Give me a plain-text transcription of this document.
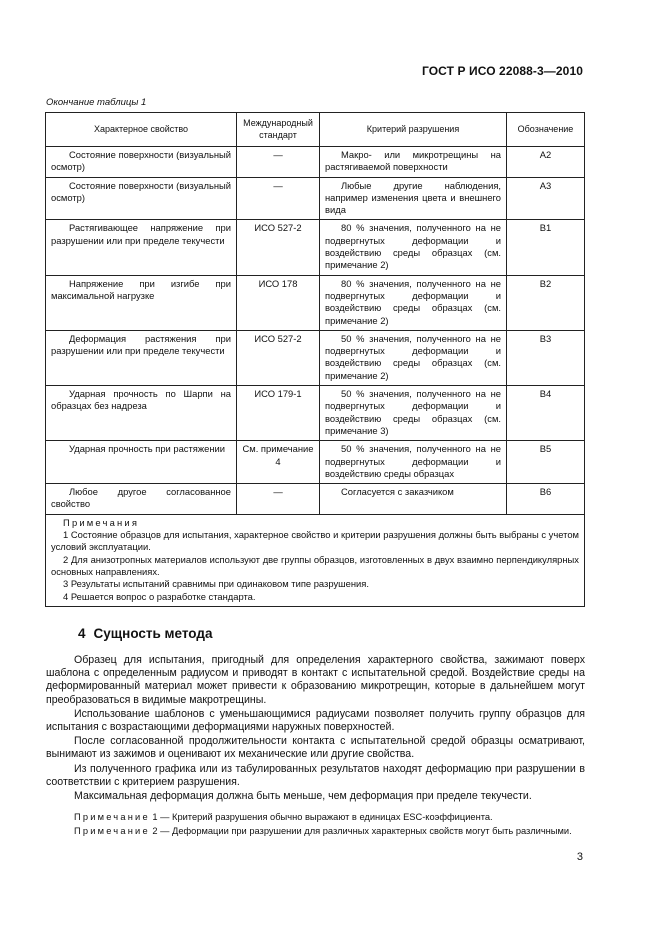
ГОСТ Р ИСО 22088-3—2010
Окончание таблицы 1
Характерное свойство	Международный стандарт	Критерий разрушения	Обозначение
Состояние поверхности (визуальный осмотр)	—	Макро- или микротрещины на растягиваемой поверхности	A2
Состояние поверхности (визуальный осмотр)	—	Любые другие наблюдения, например изменения цвета и внешнего вида	A3
Растягивающее напряжение при разрушении или при пределе текучести	ИСО 527-2	80 % значения, полученного на не подвергнутых деформации и воздействию среды образцах (см. примечание 2)	B1
Напряжение при изгибе при максимальной нагрузке	ИСО 178	80 % значения, полученного на не подвергнутых деформации и воздействию среды образцах (см. примечание 2)	B2
Деформация растяжения при разрушении или при пределе текучести	ИСО 527-2	50 % значения, полученного на не подвергнутых деформации и воздействию среды образцах (см. примечание 2)	B3
Ударная прочность по Шарпи на образцах без надреза	ИСО 179-1	50 % значения, полученного на не подвергнутых деформации и воздействию среды образцах (см. примечание 3)	B4
Ударная прочность при растяжении	См. примечание 4	50 % значения, полученного на не подвергнутых деформации и воздействию среды образцах	B5
Любое другое согласованное свойство	—	Согласуется с заказчиком	B6

Примечания
1 Состояние образцов для испытания, характерное свойство и критерии разрушения должны быть выбраны с учетом условий эксплуатации.
2 Для анизотропных материалов используют две группы образцов, изготовленных в двух взаимно перпендикулярных основных направлениях.
3 Результаты испытаний сравнимы при одинаковом типе разрушения.
4 Решается вопрос о разработке стандарта.			
4 Сущность метода

Образец для испытания, пригодный для определения характерного свойства, зажимают поверх шаблона с определенным радиусом и приводят в контакт с испытательной средой. Воздействие среды на деформированный материал может привести к образованию микротрещин, которые в дальнейшем могут преобразоваться в видимые макротрещины.

Использование шаблонов с уменьшающимися радиусами позволяет получить группу образцов для испытания с возрастающими деформациями наружных поверхностей.

После согласованной продолжительности контакта с испытательной средой образцы осматривают, вынимают из зажимов и оценивают их механические или другие свойства.

Из полученного графика или из табулированных результатов находят деформацию при разрушении в соответствии с критерием разрушения.

Максимальная деформация должна быть меньше, чем деформация при пределе текучести.

Примечание 1 — Критерий разрушения обычно выражают в единицах ESC-коэффициента.

Примечание 2 — Деформации при разрушении для различных характерных свойств могут быть различными.

3
